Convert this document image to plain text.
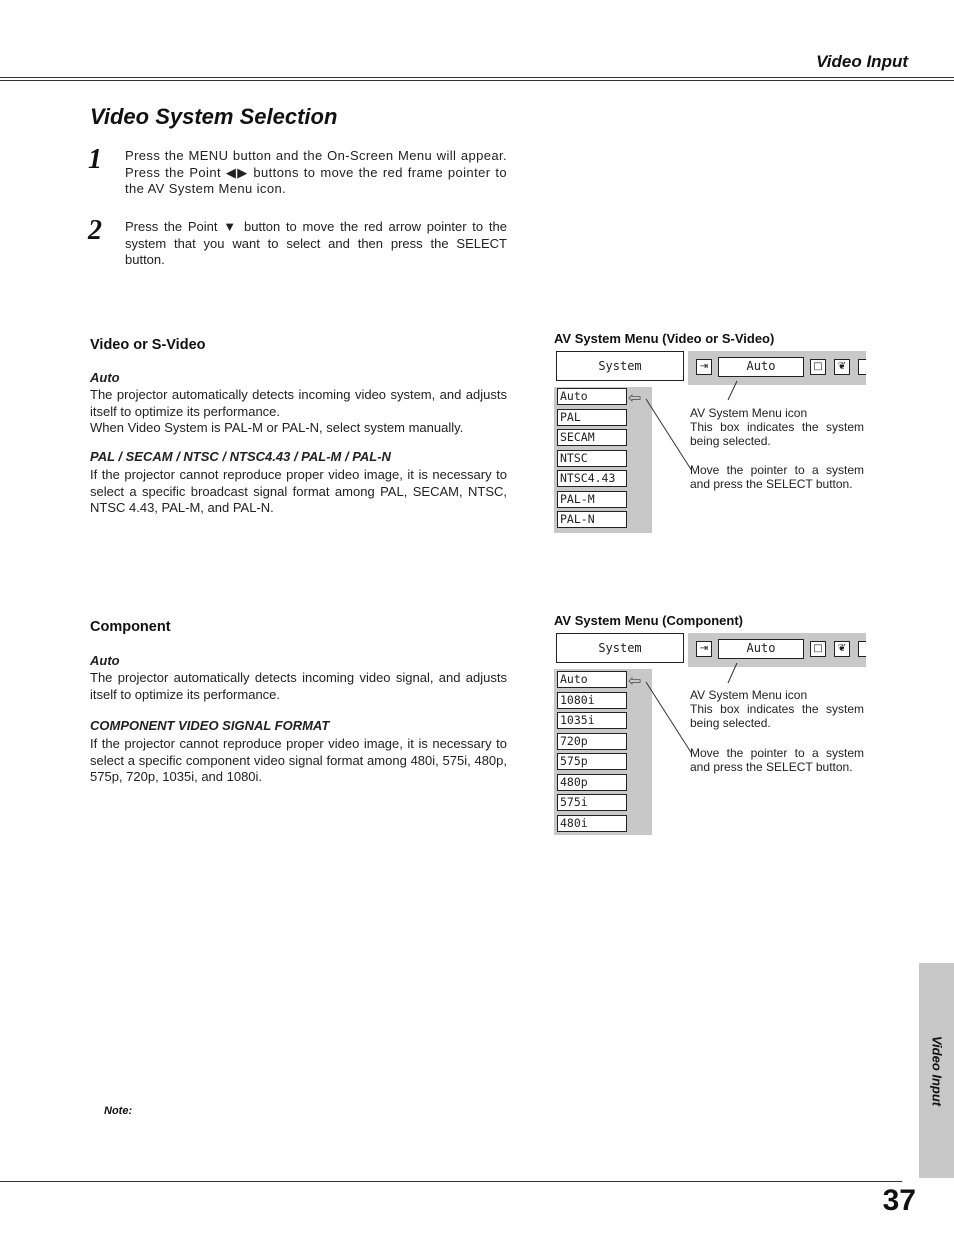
Video Input
Video System Selection
1 Press the MENU button and the On-Screen Menu will appear. Press the Point ◀▶ buttons to move the red frame pointer to the AV System Menu icon.
2 Press the Point ▼ button to move the red arrow pointer to the system that you want to select and then press the SELECT button.
Video or S-Video
Auto
The projector automatically detects incoming video system, and adjusts itself to optimize its performance.
When Video System is PAL-M or PAL-N, select system manually.
PAL / SECAM / NTSC / NTSC4.43 / PAL-M / PAL-N
If the projector cannot reproduce proper video image, it is necessary to select a specific broadcast signal format among PAL, SECAM, NTSC, NTSC 4.43, PAL-M, and PAL-N.
Component
Auto
The projector automatically detects incoming video signal, and adjusts itself to optimize its performance.
COMPONENT VIDEO SIGNAL FORMAT
If the projector cannot reproduce proper video image, it is necessary to select a specific component video signal format among 480i, 575i, 480p, 575p, 720p, 1035i, and 1080i.
AV System Menu (Video or S-Video)
System	⇥	Auto	□	❦
Auto
PAL
SECAM
NTSC
NTSC4.43
PAL-M
PAL-N
⇦
AV System Menu icon
This box indicates the system being selected.
Move the pointer to a system and press the SELECT button.
AV System Menu (Component)
System	⇥	Auto	□	❦
Auto
1080i
1035i
720p
575p
480p
575i
480i
⇦
AV System Menu icon
This box indicates the system being selected.
Move the pointer to a system and press the SELECT button.
Note:
Video Input
37
